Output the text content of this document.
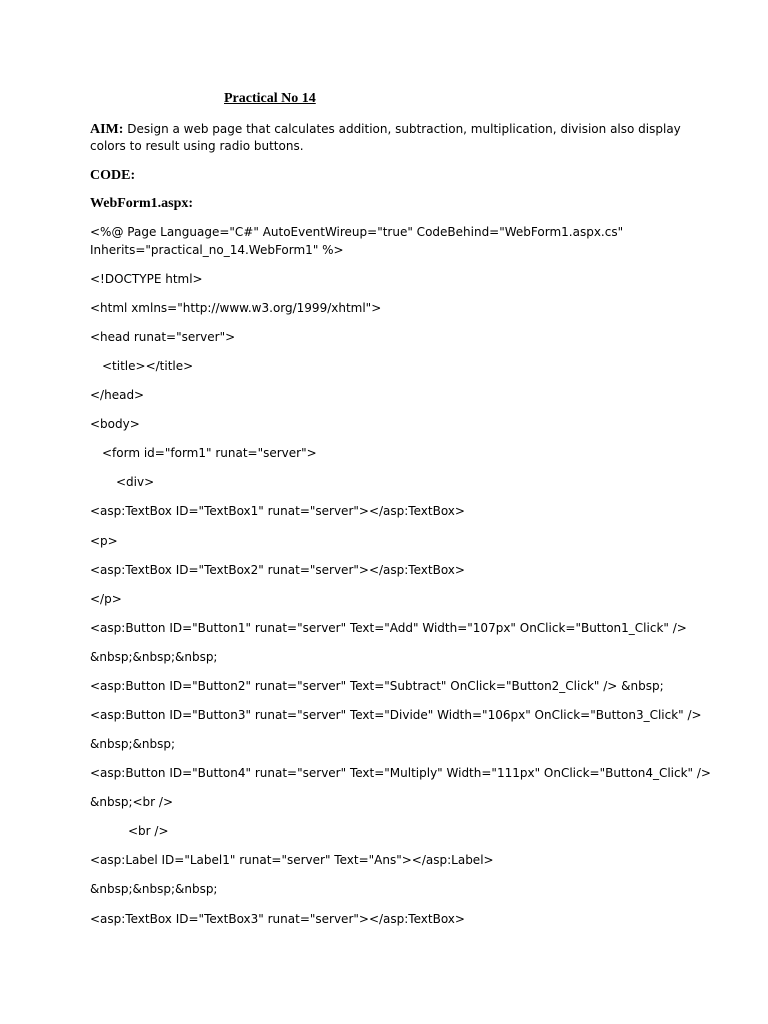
Practical No 14
AIM: Design a web page that calculates addition, subtraction, multiplication, division also display colors to result using radio buttons.
CODE:
WebForm1.aspx:
<%@ Page Language="C#" AutoEventWireup="true" CodeBehind="WebForm1.aspx.cs"
Inherits="practical_no_14.WebForm1" %>
<!DOCTYPE html>
<html xmlns="http://www.w3.org/1999/xhtml">
<head runat="server">
<title></title>
</head>
<body>
<form id="form1" runat="server">
<div>
<asp:TextBox ID="TextBox1" runat="server"></asp:TextBox>
<p>
<asp:TextBox ID="TextBox2" runat="server"></asp:TextBox>
</p>
<asp:Button ID="Button1" runat="server" Text="Add" Width="107px" OnClick="Button1_Click" />
&nbsp;&nbsp;&nbsp;
<asp:Button ID="Button2" runat="server" Text="Subtract" OnClick="Button2_Click" /> &nbsp;
<asp:Button ID="Button3" runat="server" Text="Divide" Width="106px" OnClick="Button3_Click" />
&nbsp;&nbsp;
<asp:Button ID="Button4" runat="server" Text="Multiply" Width="111px" OnClick="Button4_Click" />
&nbsp;<br />
<br />
<asp:Label ID="Label1" runat="server" Text="Ans"></asp:Label>
&nbsp;&nbsp;&nbsp;
<asp:TextBox ID="TextBox3" runat="server"></asp:TextBox>
